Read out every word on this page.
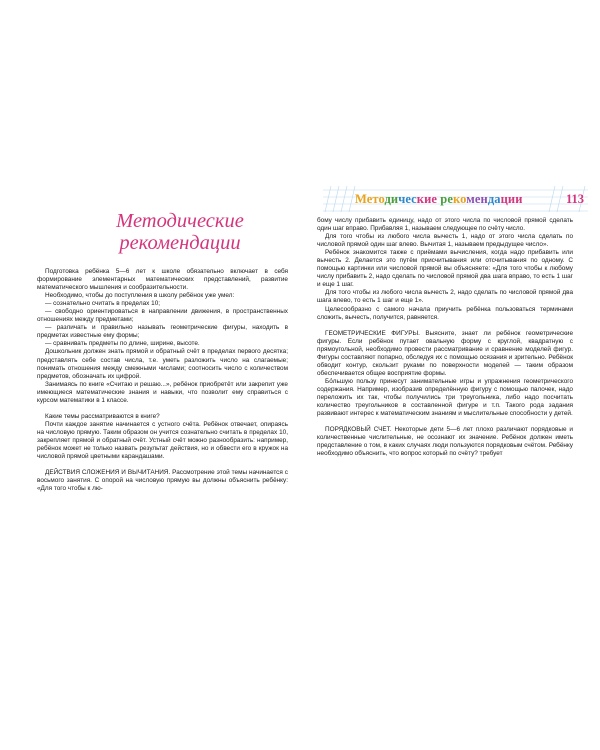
Методические
рекомендации

Подготовка ребёнка 5—6 лет к школе обязательно включает в себя формирование элементарных математических представлений, развитие математического мышления и сообразительности.

Необходимо, чтобы до поступления в школу ребёнок уже умел:

— сознательно считать в пределах 10;

— свободно ориентироваться в направлении движения, в пространственных отношениях между предметами;

— различать и правильно называть геометрические фигуры, находить в предметах известные ему формы;

— сравнивать предметы по длине, ширине, высоте.

Дошкольник должен знать прямой и обратный счёт в пределах первого десятка; представлять себе состав числа, т.е. уметь разложить число на слагаемые; понимать отношения между смежными числами; соотносить число с количеством предметов, обозначать их цифрой.

Занимаясь по книге «Считаю и решаю...», ребёнок приобретёт или закрепит уже имеющиеся математические знания и навыки, что позволит ему справиться с курсом математики в 1 классе.

Какие темы рассматриваются в книге?

Почти каждое занятие начинается с устного счёта. Ребёнок отвечает, опираясь на числовую прямую. Таким образом он учится сознательно считать в пределах 10, закрепляет прямой и обратный счёт. Устный счёт можно разнообразить: например, ребёнок может не только назвать результат действия, но и обвести его в кружок на числовой прямой цветными карандашами.

ДЕЙСТВИЯ СЛОЖЕНИЯ И ВЫЧИТАНИЯ. Рассмотрение этой темы начинается с восьмого занятия. С опорой на числовую прямую вы должны объяснить ребёнку: «Для того чтобы к лю-

Методические рекомендации	113

бому числу прибавить единицу, надо от этого числа по числовой прямой сделать один шаг вправо. Прибавляя 1, называем следующее по счёту число.

Для того чтобы из любого числа вычесть 1, надо от этого числа сделать по числовой прямой один шаг влево. Вычитая 1, называем предыдущее число».

Ребёнок знакомится также с приёмами вычисления, когда надо прибавить или вычесть 2. Делается это путём присчитывания или отсчитывания по одному. С помощью картинки или числовой прямой вы объясняете: «Для того чтобы к любому числу прибавить 2, надо сделать по числовой прямой два шага вправо, то есть 1 шаг и еще 1 шаг.

Для того чтобы из любого числа вычесть 2, надо сделать по числовой прямой два шага влево, то есть 1 шаг и еще 1».

Целесообразно с самого начала приучить ребёнка пользоваться терминами сложить, вычесть, получится, равняется.

ГЕОМЕТРИЧЕСКИЕ ФИГУРЫ. Выясните, знает ли ребёнок геометрические фигуры. Если ребёнок путает овальную форму с круглой, квадратную с прямоугольной, необходимо провести рассматривание и сравнение моделей фигур. Фигуры составляют попарно, обследуя их с помощью осязания и зрительно. Ребёнок обводит контур, скользит руками по поверхности моделей — таким образом обеспечивается общее восприятие формы.

Бо́льшую пользу принесут занимательные игры и упражнения геометрического содержания. Например, изобразив определённую фигуру с помощью палочек, надо переложить их так, чтобы получились три треугольника, либо надо посчитать количество треугольников в составленной фигуре и т.п. Такого рода задания развивают интерес к математическим знаниям и мыслительные способности у детей.

ПОРЯДКОВЫЙ СЧЕТ. Некоторые дети 5—6 лет плохо различают порядковые и количественные числительные, не осознают их значение. Ребёнок должен иметь представление о том, в каких случаях люди пользуются порядковым счётом. Ребёнку необходимо объяснить, что вопрос который по счёту? требует
